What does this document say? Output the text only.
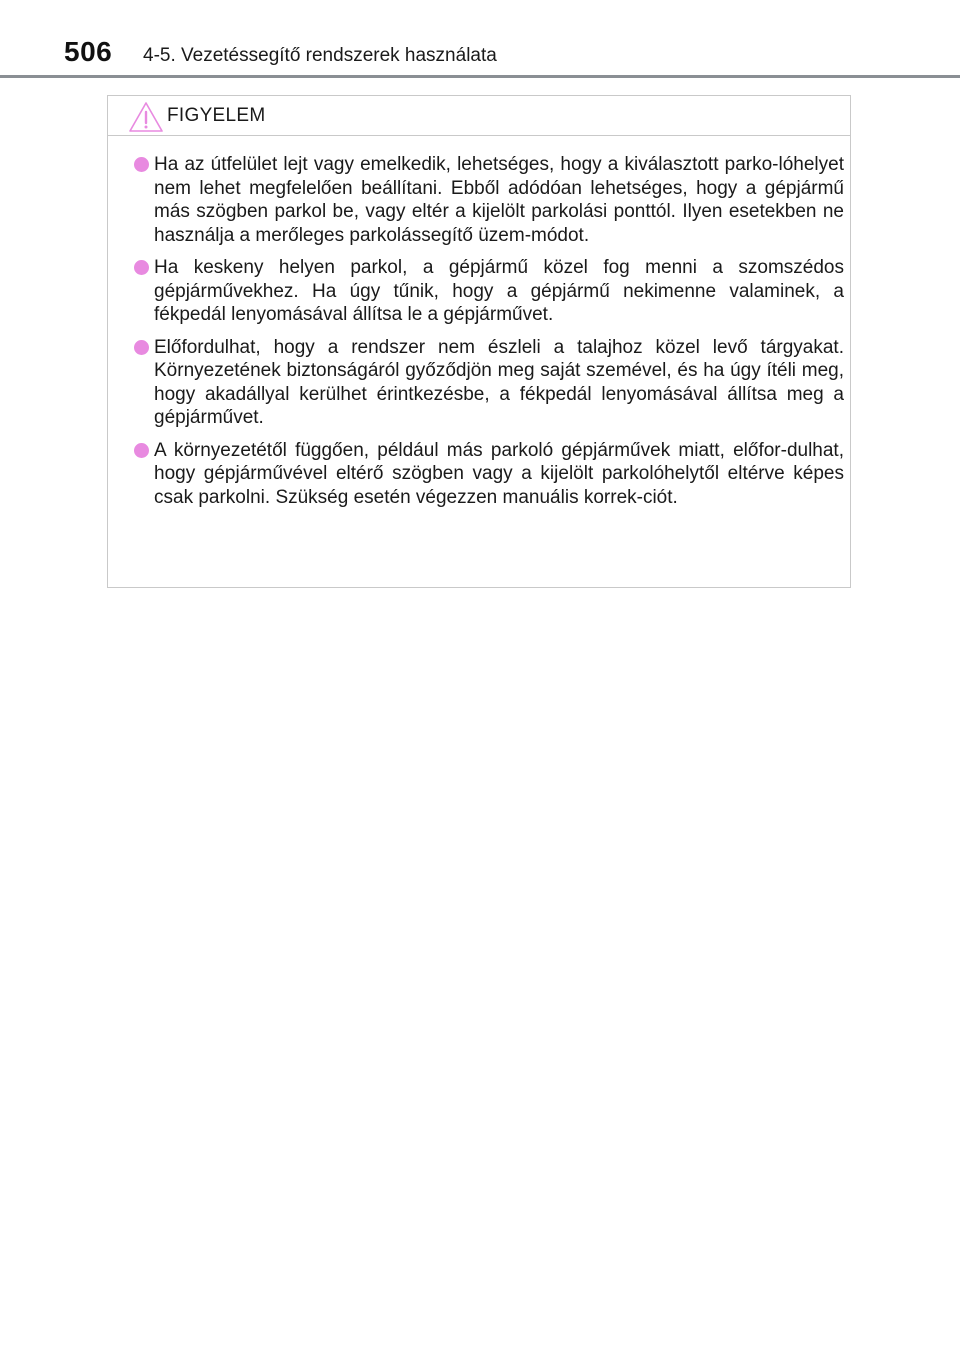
506 4-5. Vezetéssegítő rendszerek használata
FIGYELEM
Ha az útfelület lejt vagy emelkedik, lehetséges, hogy a kiválasztott parko-lóhelyet nem lehet megfelelően beállítani. Ebből adódóan lehetséges, hogy a gépjármű más szögben parkol be, vagy eltér a kijelölt parkolási ponttól. Ilyen esetekben ne használja a merőleges parkolássegítő üzem-módot.
Ha keskeny helyen parkol, a gépjármű közel fog menni a szomszédos gépjárművekhez. Ha úgy tűnik, hogy a gépjármű nekimenne valaminek, a fékpedál lenyomásával állítsa le a gépjárművet.
Előfordulhat, hogy a rendszer nem észleli a talajhoz közel levő tárgyakat. Környezetének biztonságáról győződjön meg saját szemével, és ha úgy ítéli meg, hogy akadállyal kerülhet érintkezésbe, a fékpedál lenyomásával állítsa meg a gépjárművet.
A környezetétől függően, például más parkoló gépjárművek miatt, előfor-dulhat, hogy gépjárművével eltérő szögben vagy a kijelölt parkolóhelytől eltérve képes csak parkolni. Szükség esetén végezzen manuális korrek-ciót.
